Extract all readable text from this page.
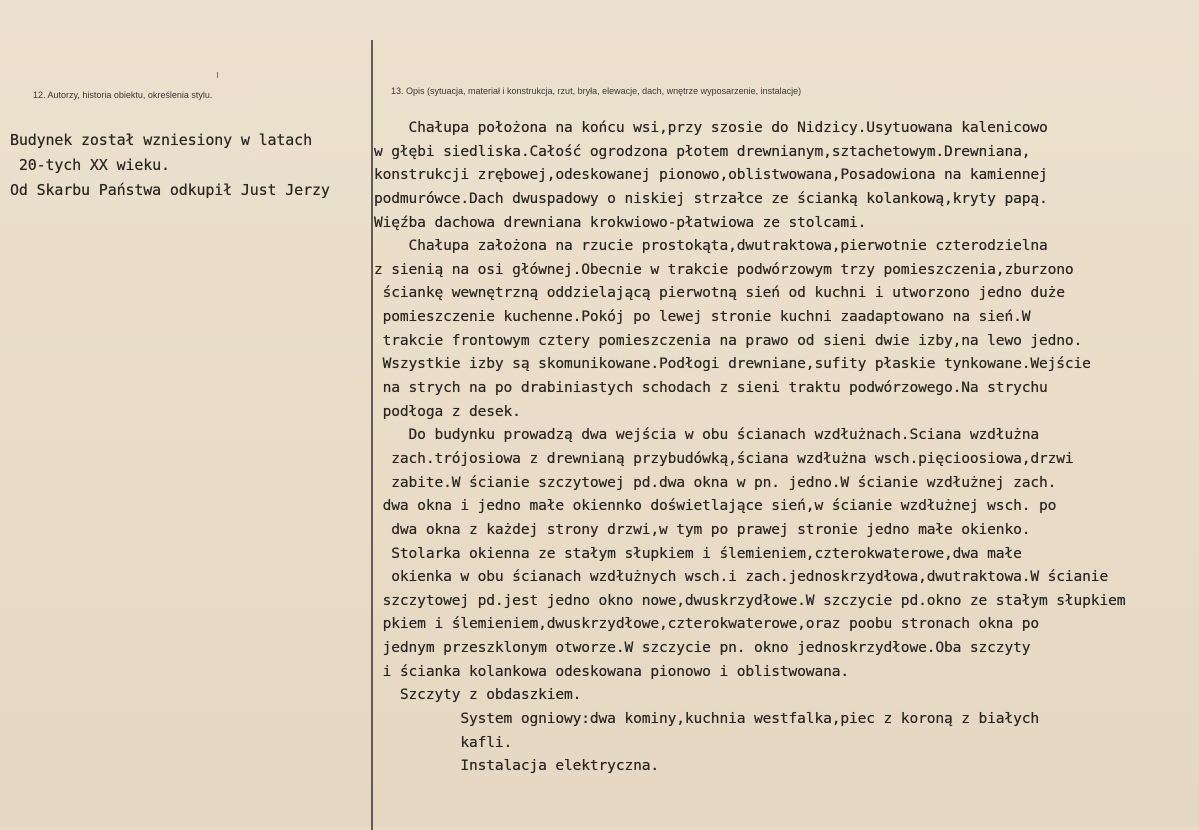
12. Autorzy, historia obiektu, określenia stylu.	13. Opis (sytuacja, materiał i konstrukcja, rzut, bryła, elewacje, dach, wnętrze wyposarzenie, instalacje)
Budynek został wzniesiony w latach
20-tych XX wieku.
Od Skarbu Państwa odkupił Just Jerzy
Chałupa położona na końcu wsi,przy szosie do Nidzicy.Usytuowana kalenicowo
w głębi siedliska.Całość ogrodzona płotem drewnianym,sztachetowym.Drewniana,
konstrukcji zrębowej,odeskowanej pionowo,oblistwowana,Posadowiona na kamiennej
podmurówce.Dach dwuspadowy o niskiej strzałce ze ścianką kolankową,kryty papą.
Więźba dachowa drewniana krokwiowo-płatwiowa ze stolcami.
Chałupa założona na rzucie prostokąta,dwutraktowa,pierwotnie czterodzielna
z sienią na osi głównej.Obecnie w trakcie podwórzowym trzy pomieszczenia,zburzono
ściankę wewnętrzną oddzielającą pierwotną sień od kuchni i utworzono jedno duże
pomieszczenie kuchenne.Pokój po lewej stronie kuchni zaadaptowano na sień.W
trakcie frontowym cztery pomieszczenia na prawo od sieni dwie izby,na lewo jedno.
Wszystkie izby są skomunikowane.Podłogi drewniane,sufity płaskie tynkowane.Wejście
na strych na po drabiniastych schodach z sieni traktu podwórzowego.Na strychu
podłoga z desek.
Do budynku prowadzą dwa wejścia w obu ścianach wzdłużnach.Sciana wzdłużna
zach.trójosiowa z drewnianą przybudówką,ściana wzdłużna wsch.pięcioosiowa,drzwi
zabite.W ścianie szczytowej pd.dwa okna w pn. jedno.W ścianie wzdłużnej zach.
dwa okna i jedno małe okiennko doświetlające sień,w ścianie wzdłużnej wsch. po
dwa okna z każdej strony drzwi,w tym po prawej stronie jedno małe okienko.
Stolarka okienna ze stałym słupkiem i ślemieniem,czterokwaterowe,dwa małe
okienka w obu ścianach wzdłużnych wsch.i zach.jednoskrzydłowa,dwutraktowa.W ścianie
szczytowej pd.jest jedno okno nowe,dwuskrzydłowe.W szczycie pd.okno ze stałym słupkiem
pkiem i ślemieniem,dwuskrzydłowe,czterokwaterowe,oraz poobu stronach okna po
jednym przeszklonym otworze.W szczycie pn. okno jednoskrzydłowe.Oba szczyty
i ścianka kolankowa odeskowana pionowo i oblistwowana.
Szczyty z obdaszkiem.
System ogniowy:dwa kominy,kuchnia westfalka,piec z koroną z białych
kafli.
Instalacja elektryczna.
